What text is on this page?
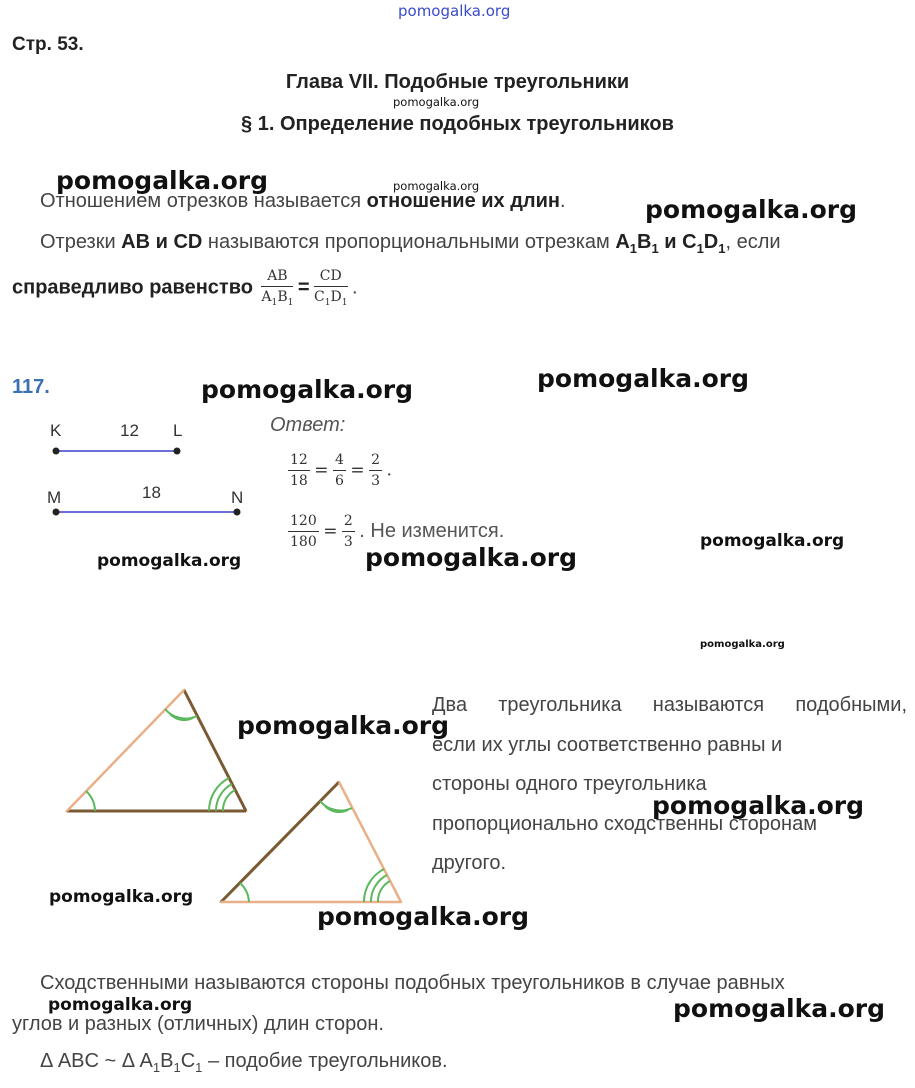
pomogalka.org
pomogalka.org
pomogalka.org	pomogalka.org
pomogalka.org
pomogalka.org	pomogalka.org
pomogalka.org
pomogalka.org	pomogalka.org
pomogalka.org
pomogalka.org
pomogalka.org
pomogalka.org
pomogalka.org
pomogalka.org	pomogalka.org
Стр. 53.
Глава VII. Подобные треугольники
§ 1. Определение подобных треугольников
Отношением отрезков называется отношение их длин.
Отрезки AB и CD называются пропорциональными отрезкам $A_1B_1$ и $C_1D_1$, если
справедливо равенство $\frac{AB}{A_1B_1} = \frac{CD}{C_1D_1}$ .
117.
K	12 L
M	18	N
Ответ:
$\frac{12}{18} = \frac{4}{6} = \frac{2}{3}$ .
$\frac{120}{180} = \frac{2}{3}$ . Не изменится.
Два треугольника называются подобными,
если их углы соответственно равны и
стороны одного треугольника
пропорционально сходственны сторонам
другого.
Сходственными называются стороны подобных треугольников в случае равных
углов и разных (отличных) длин сторон.
Δ ABC ~ Δ $A_1B_1C_1$ – подобие треугольников.
